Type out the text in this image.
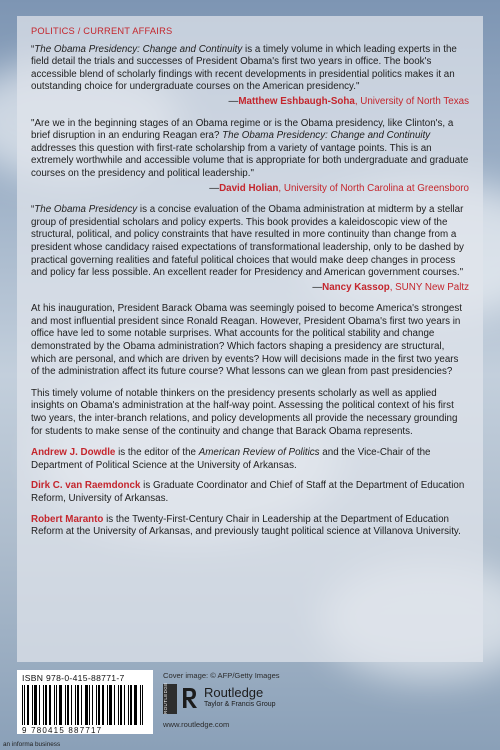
POLITICS / CURRENT AFFAIRS

“The Obama Presidency: Change and Continuity is a timely volume in which leading experts in the field detail the trials and successes of President Obama's first two years in office. The book's accessible blend of scholarly findings with recent developments in presidential politics makes it an outstanding choice for undergraduate courses on the American presidency."

—Matthew Eshbaugh-Soha, University of North Texas

"Are we in the beginning stages of an Obama regime or is the Obama presidency, like Clinton's, a brief disruption in an enduring Reagan era? The Obama Presidency: Change and Continuity addresses this question with first-rate scholarship from a variety of vantage points. This is an extremely worthwhile and accessible volume that is appropriate for both undergraduate and graduate courses on the presidency and political leadership."

—David Holian, University of North Carolina at Greensboro

“The Obama Presidency is a concise evaluation of the Obama administration at midterm by a stellar group of presidential scholars and policy experts. This book provides a kaleidoscopic view of the structural, political, and policy constraints that have resulted in more continuity than change from a president whose candidacy raised expectations of transformational leadership, only to be dashed by practical governing realities and fateful political choices that would make deep changes in process and policy far less possible. An excellent reader for Presidency and American government courses."

—Nancy Kassop, SUNY New Paltz

At his inauguration, President Barack Obama was seemingly poised to become America's strongest and most influential president since Ronald Reagan. However, President Obama's first two years in office have led to some notable surprises. What accounts for the political stability and change demonstrated by the Obama administration? Which factors shaping a presidency are structural, which are personal, and which are driven by events? How will decisions made in the first two years of the administration affect its future course? What lessons can we glean from past presidencies?

This timely volume of notable thinkers on the presidency presents scholarly as well as applied insights on Obama's administration at the half-way point. Assessing the political context of his first two years, the inter-branch relations, and policy developments all provide the necessary grounding for students to make sense of the continuity and change that Barack Obama represents.

Andrew J. Dowdle is the editor of the American Review of Politics and the Vice-Chair of the Department of Political Science at the University of Arkansas.

Dirk C. van Raemdonck is Graduate Coordinator and Chief of Staff at the Department of Education Reform, University of Arkansas.

Robert Maranto is the Twenty-First-Century Chair in Leadership at the Department of Education Reform at the University of Arkansas, and previously taught political science at Villanova University.

ISBN 978-0-415-88771-7
9 780415 887717
Cover image: © AFP/Getty Images
ROUTLEDGE	Routledge
Taylor & Francis Group
www.routledge.com
an informa business
